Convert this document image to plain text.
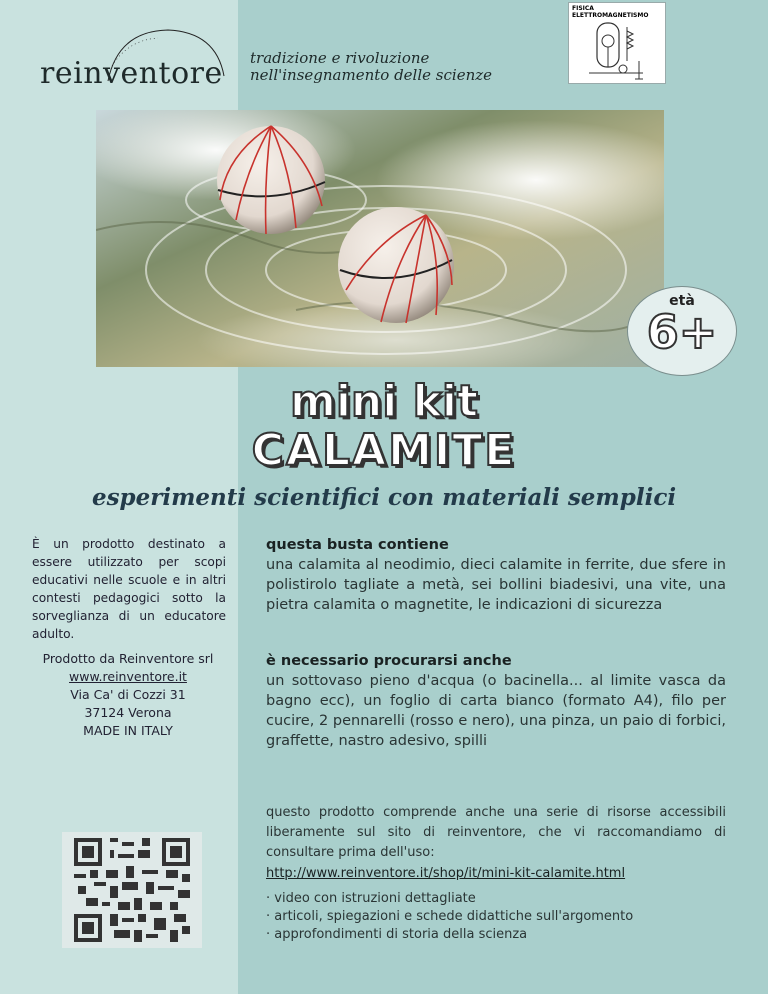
reinventore tradizione e rivoluzione
nell'insegnamento delle scienze
FISICA
ELETTROMAGNETISMO
età
6+
mini kit
CALAMITE
esperimenti scientifici con materiali semplici
È un prodotto destinato a essere utilizzato per scopi educativi nelle scuole e in altri contesti pedagogici sotto la sorveglianza di un educatore adulto.
Prodotto da Reinventore srl
www.reinventore.it
Via Ca' di Cozzi 31
37124 Verona
MADE IN ITALY
questa busta contiene
una calamita al neodimio, dieci calamite in ferrite, due sfere in polistirolo tagliate a metà, sei bollini biadesivi, una vite, una pietra calamita o magnetite, le indicazioni di sicurezza
è necessario procurarsi anche
un sottovaso pieno d'acqua (o bacinella... al limite vasca da bagno ecc), un foglio di carta bianco (formato A4), filo per cucire, 2 pennarelli (rosso e nero), una pinza, un paio di forbici, graffette, nastro adesivo, spilli
questo prodotto comprende anche una serie di risorse accessibili liberamente sul sito di reinventore, che vi raccomandiamo di consultare prima dell'uso:
http://www.reinventore.it/shop/it/mini-kit-calamite.html
· video con istruzioni dettagliate
· articoli, spiegazioni e schede didattiche sull'argomento
· approfondimenti di storia della scienza
